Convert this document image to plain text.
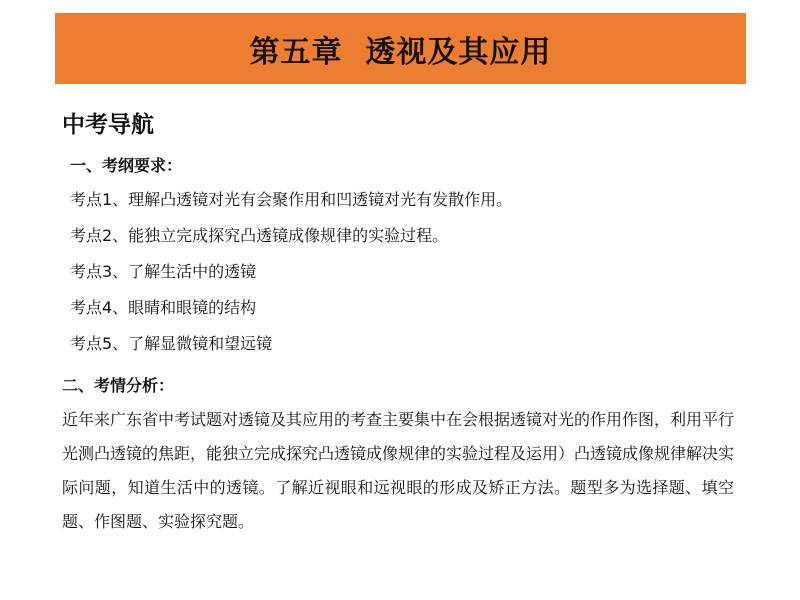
第五章  透视及其应用
中考导航
一、考纲要求：
考点1、理解凸透镜对光有会聚作用和凹透镜对光有发散作用。
考点2、能独立完成探究凸透镜成像规律的实验过程。
考点3、了解生活中的透镜
考点4、眼睛和眼镜的结构
考点5、了解显微镜和望远镜
二、考情分析：

近年来广东省中考试题对透镜及其应用的考查主要集中在会根据透镜对光的作用作图，利用平行光测凸透镜的焦距，能独立完成探究凸透镜成像规律的实验过程及运用）凸透镜成像规律解决实际问题，知道生活中的透镜。了解近视眼和远视眼的形成及矫正方法。题型多为选择题、填空题、作图题、实验探究题。
